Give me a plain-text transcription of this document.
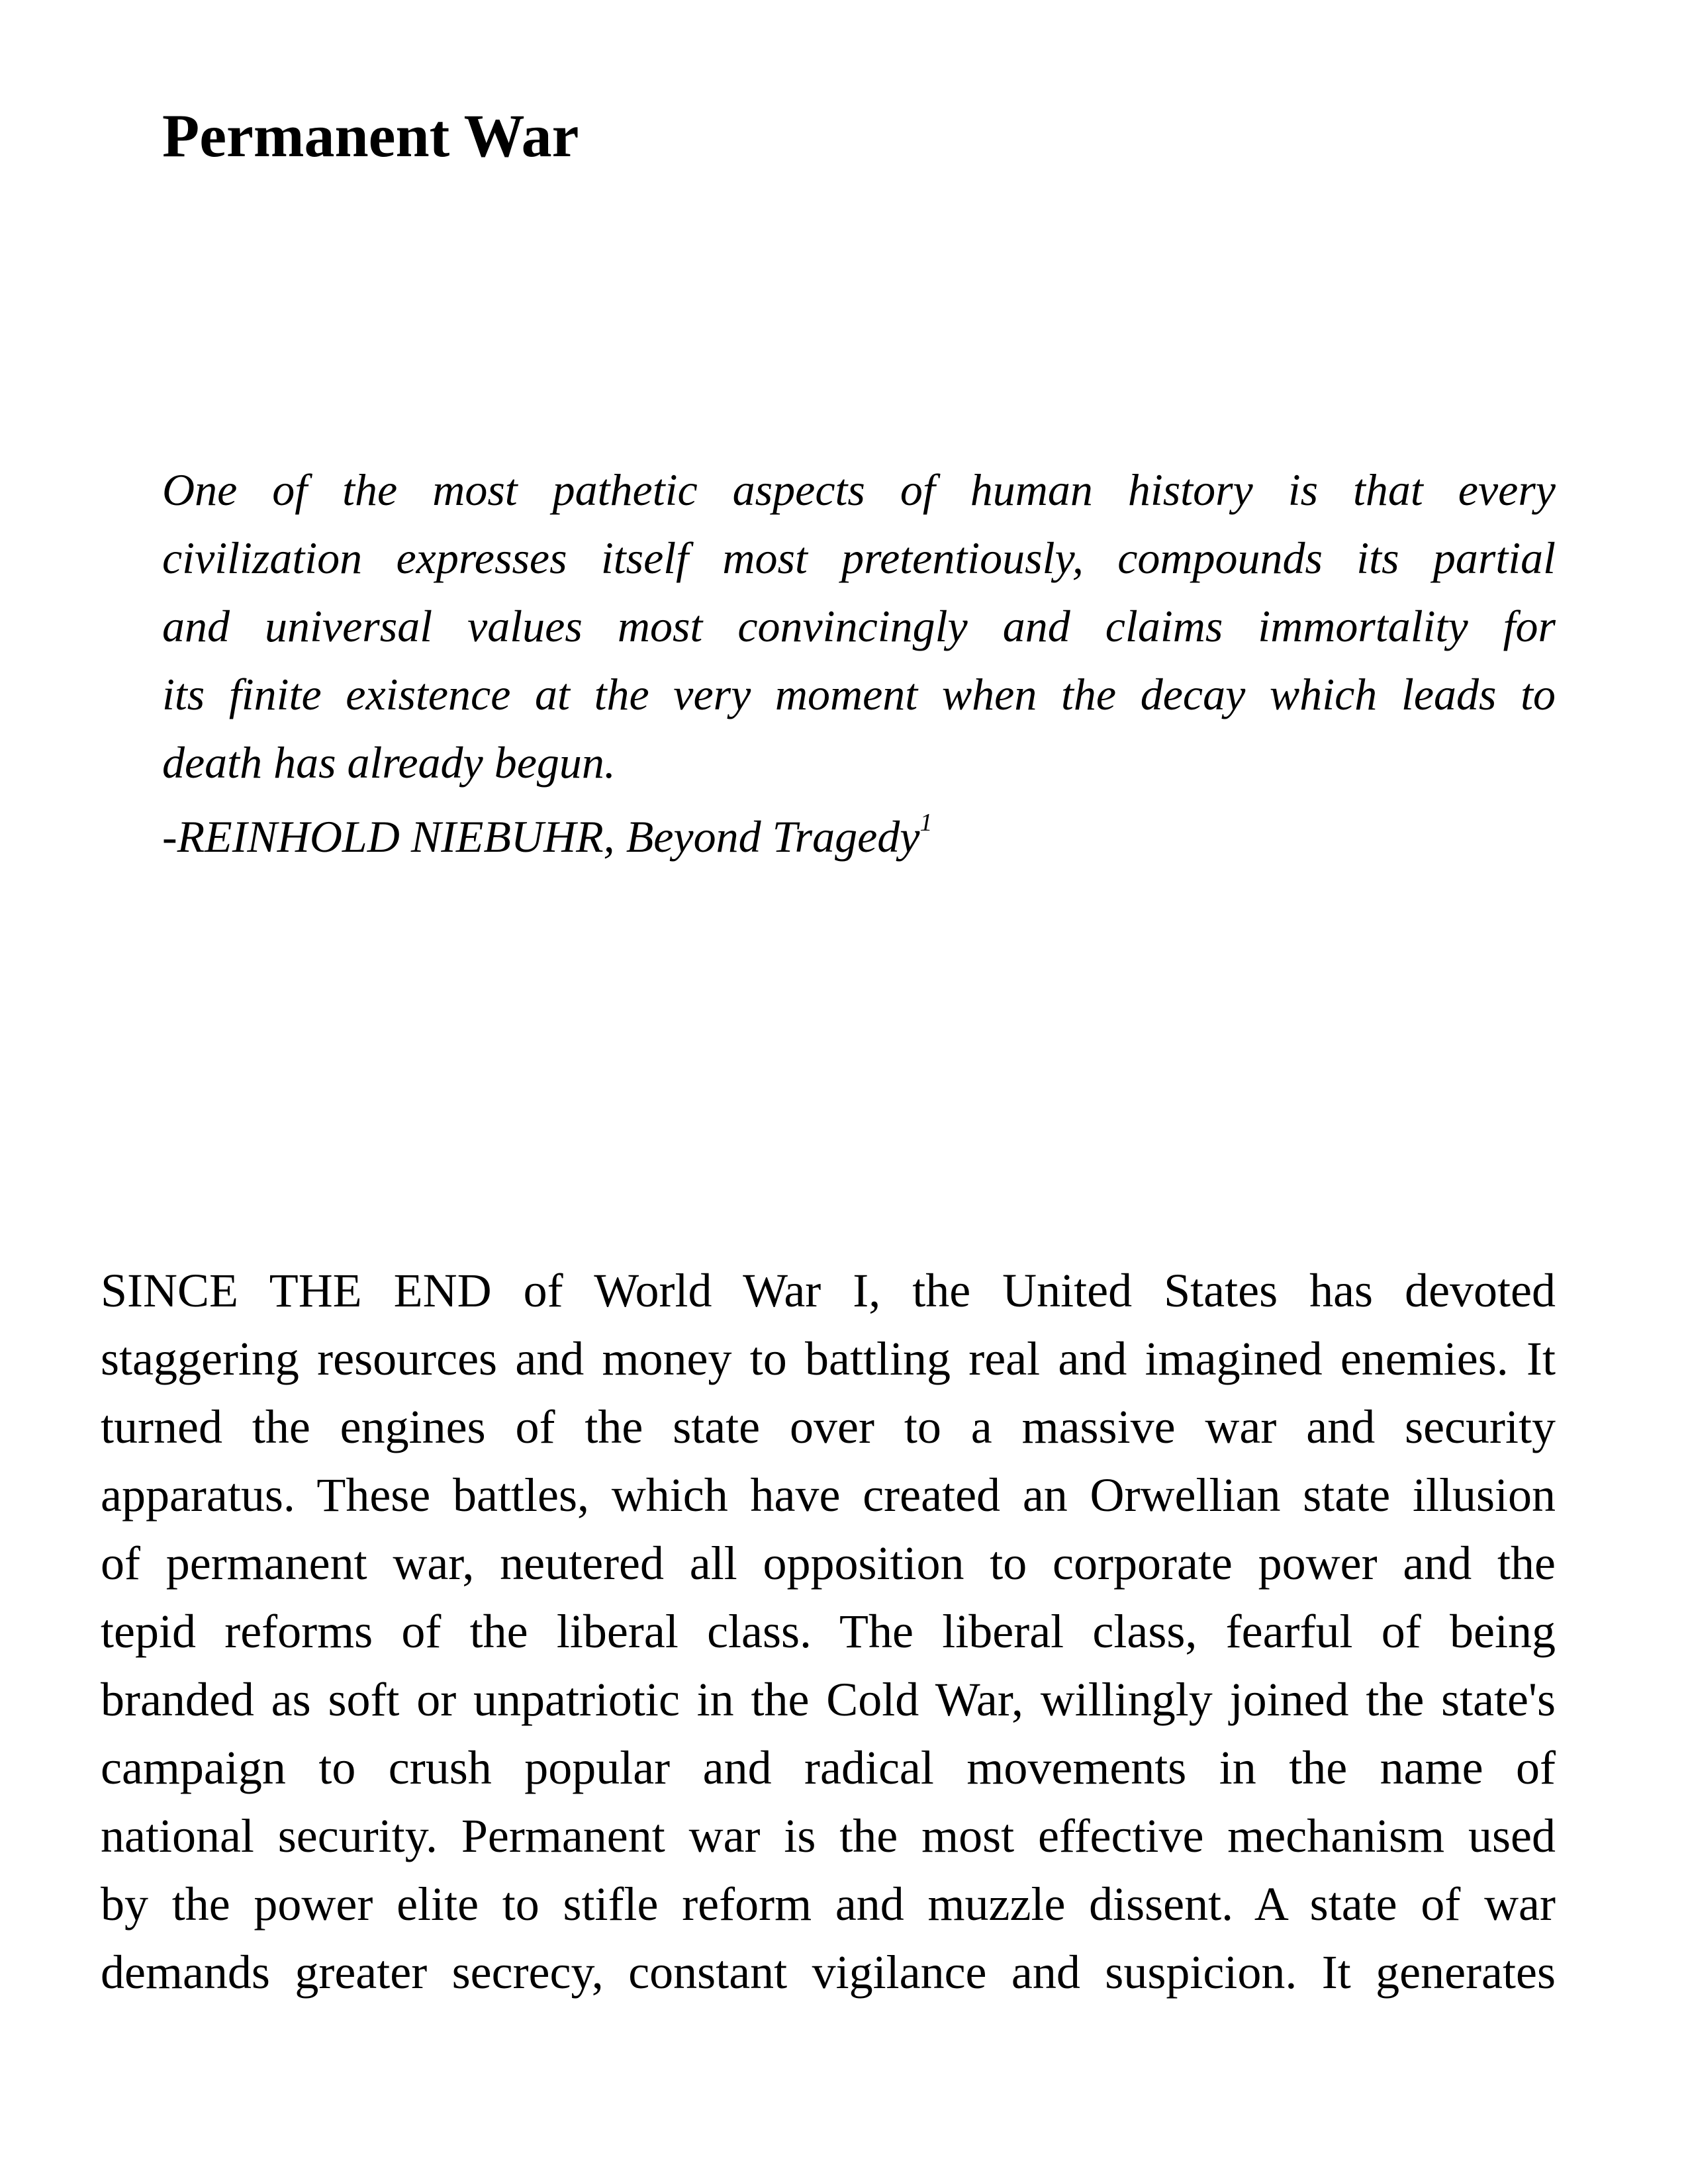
Permanent War
One of the most pathetic aspects of human history is that every
civilization expresses itself most pretentiously, compounds its partial
and universal values most convincingly and claims immortality for
its finite existence at the very moment when the decay which leads to
death has already begun.
-REINHOLD NIEBUHR, Beyond Tragedy$^1$
SINCE THE END of World War I, the United States has devoted
staggering resources and money to battling real and imagined enemies. It
turned the engines of the state over to a massive war and security
apparatus. These battles, which have created an Orwellian state illusion
of permanent war, neutered all opposition to corporate power and the
tepid reforms of the liberal class. The liberal class, fearful of being
branded as soft or unpatriotic in the Cold War, willingly joined the state's
campaign to crush popular and radical movements in the name of
national security. Permanent war is the most effective mechanism used
by the power elite to stifle reform and muzzle dissent. A state of war
demands greater secrecy, constant vigilance and suspicion. It generates
